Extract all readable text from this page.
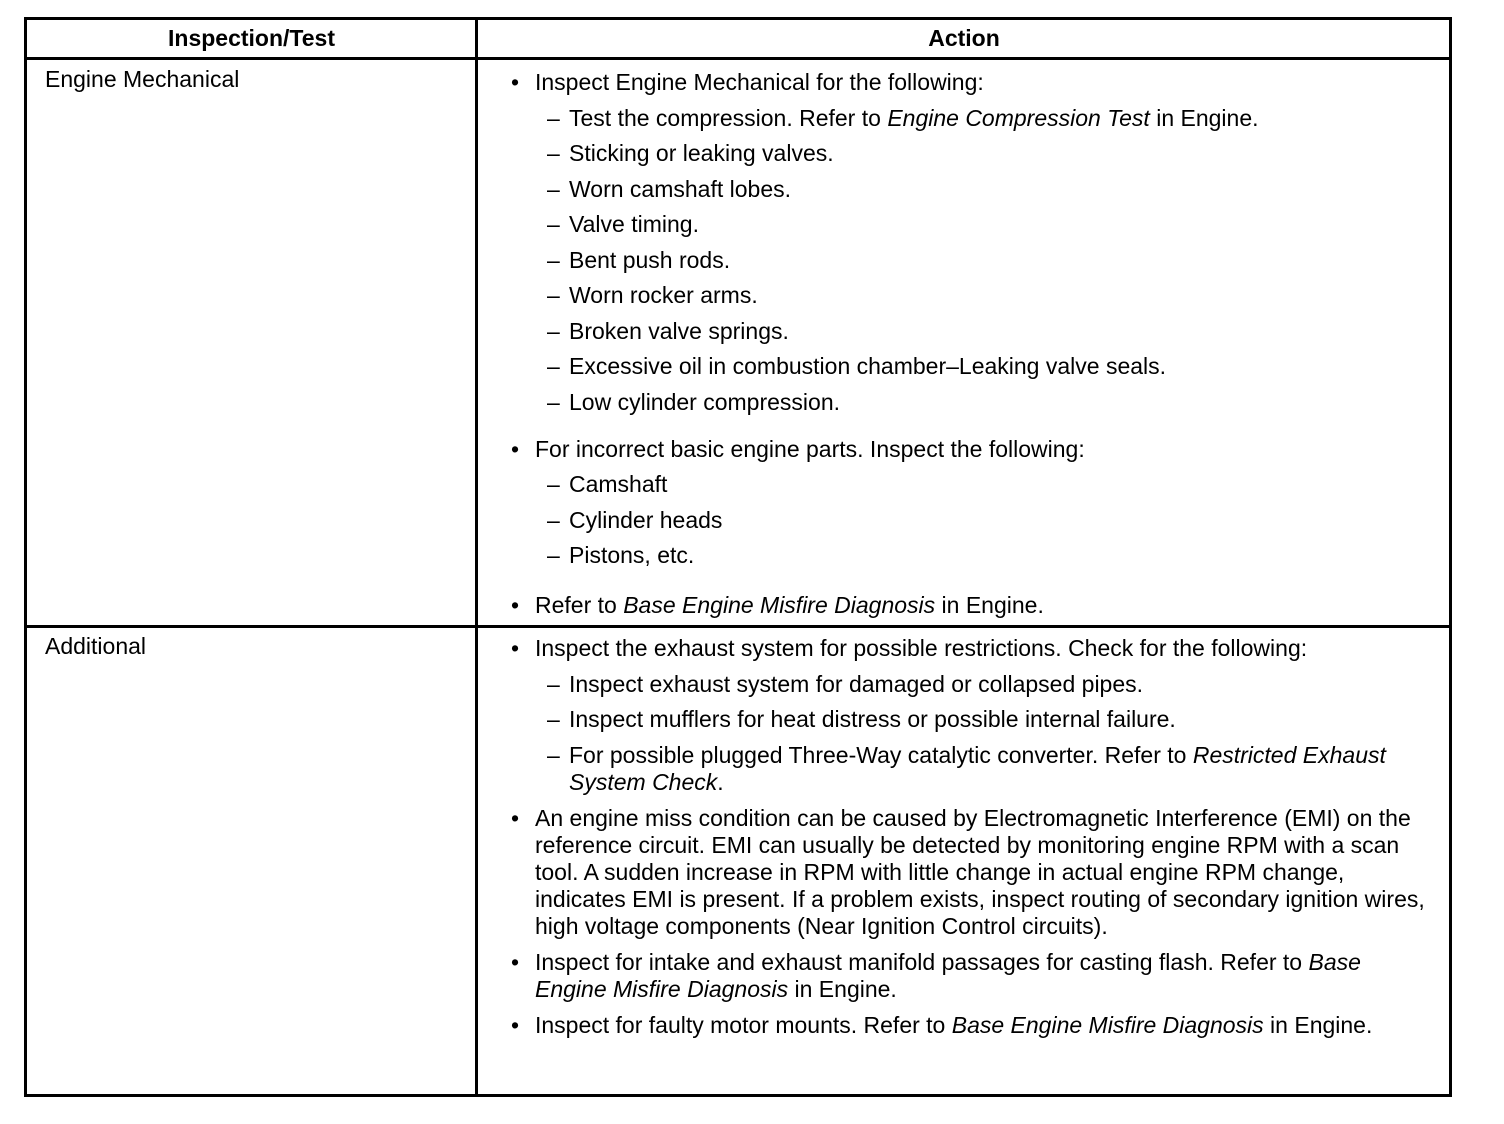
Inspection/Test	Action
Engine Mechanical	• Inspect Engine Mechanical for the following:
– Test the compression. Refer to Engine Compression Test in Engine.
– Sticking or leaking valves.
– Worn camshaft lobes.
– Valve timing.
– Bent push rods.
– Worn rocker arms.
– Broken valve springs.
– Excessive oil in combustion chamber–Leaking valve seals.
– Low cylinder compression.
• For incorrect basic engine parts. Inspect the following:
– Camshaft
– Cylinder heads
– Pistons, etc.
• Refer to Base Engine Misfire Diagnosis in Engine.
Additional	• Inspect the exhaust system for possible restrictions. Check for the following:
– Inspect exhaust system for damaged or collapsed pipes.
– Inspect mufflers for heat distress or possible internal failure.
– For possible plugged Three-Way catalytic converter. Refer to Restricted Exhaust System Check.
• An engine miss condition can be caused by Electromagnetic Interference (EMI) on the reference circuit. EMI can usually be detected by monitoring engine RPM with a scan tool. A sudden increase in RPM with little change in actual engine RPM change, indicates EMI is present. If a problem exists, inspect routing of secondary ignition wires, high voltage components (Near Ignition Control circuits).
• Inspect for intake and exhaust manifold passages for casting flash. Refer to Base Engine Misfire Diagnosis in Engine.
• Inspect for faulty motor mounts. Refer to Base Engine Misfire Diagnosis in Engine.
